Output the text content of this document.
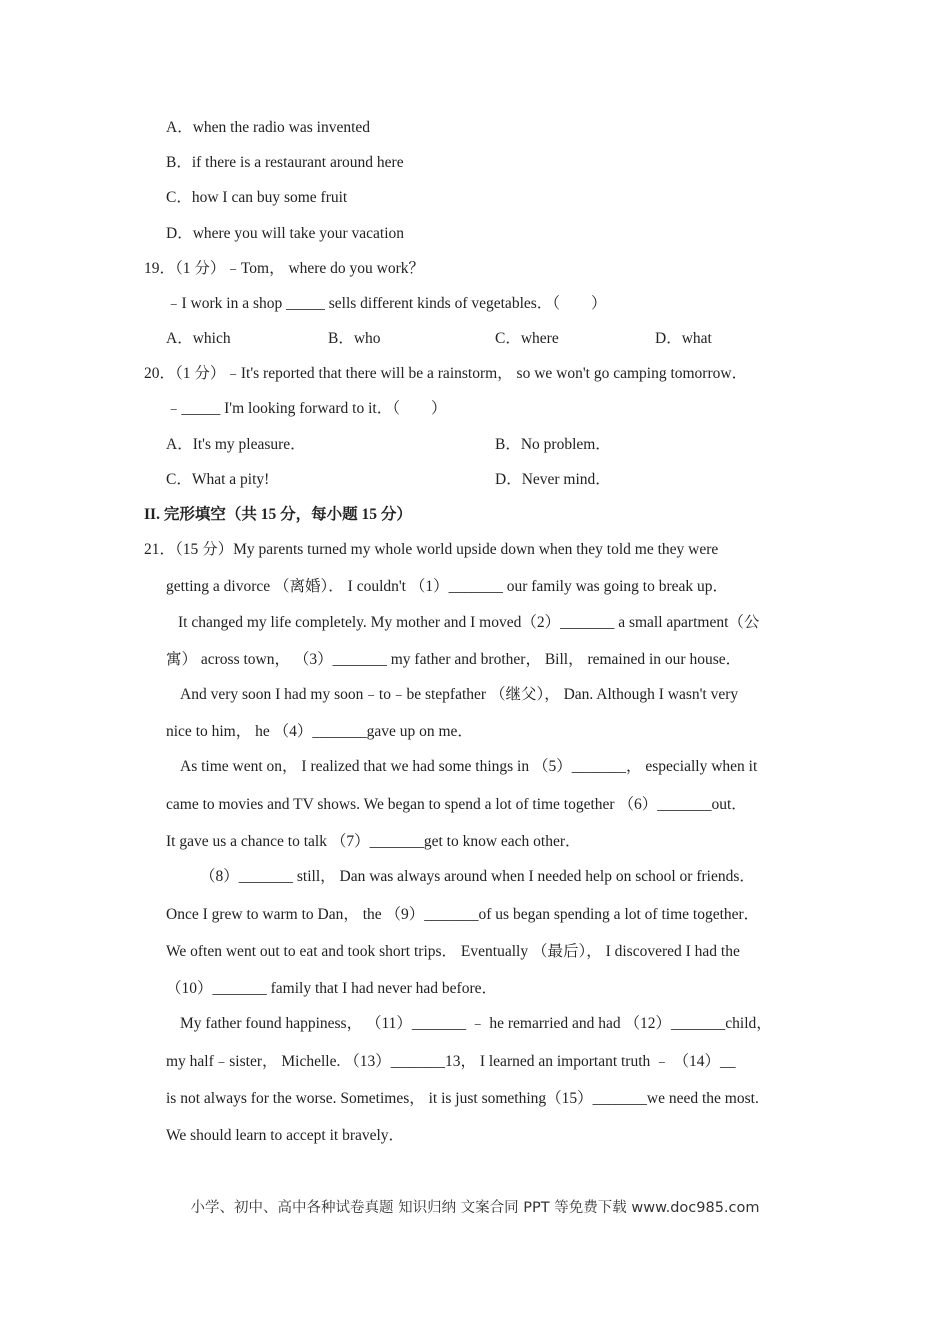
A．when the radio was invented
B．if there is a restaurant around here
C．how I can buy some fruit
D．where you will take your vacation
19．（1 分）﹣Tom， where do you work？
﹣I work in a shop _____ sells different kinds of vegetables．（　　）
A．which	B．who	C．where	D．what
20．（1 分）﹣It's reported that there will be a rainstorm， so we won't go camping tomorrow．
﹣_____ I'm looking forward to it．（　　）
A．It's my pleasure．	B．No problem．
C．What a pity!	D．Never mind．
II. 完形填空（共 15 分，每小题 15 分）
21．（15 分）My parents turned my whole world upside down when they told me they were
getting a divorce （离婚）． I couldn't （1）_______ our family was going to break up．
It changed my life completely. My mother and I moved（2）_______ a small apartment（公
寓） across town， （3）_______ my father and brother， Bill， remained in our house．
And very soon I had my soon﹣to﹣be stepfather （继父）， Dan. Although I wasn't very
nice to him， he （4）_______gave up on me．
As time went on， I realized that we had some things in （5）_______， especially when it
came to movies and TV shows. We began to spend a lot of time together （6）_______out．
It gave us a chance to talk （7）_______get to know each other．
（8）_______ still， Dan was always around when I needed help on school or friends．
Once I grew to warm to Dan， the （9）_______of us began spending a lot of time together．
We often went out to eat and took short trips． Eventually （最后）， I discovered I had the
（10）_______ family that I had never had before．
My father found happiness， （11）_______ ﹣ he remarried and had （12）_______child，
my half﹣sister， Michelle. （13）_______13， I learned an important truth ﹣ （14）__
is not always for the worse. Sometimes， it is just something（15）_______we need the most.
We should learn to accept it bravely．
小学、初中、高中各种试卷真题 知识归纳 文案合同 PPT 等免费下载 www.doc985.com
